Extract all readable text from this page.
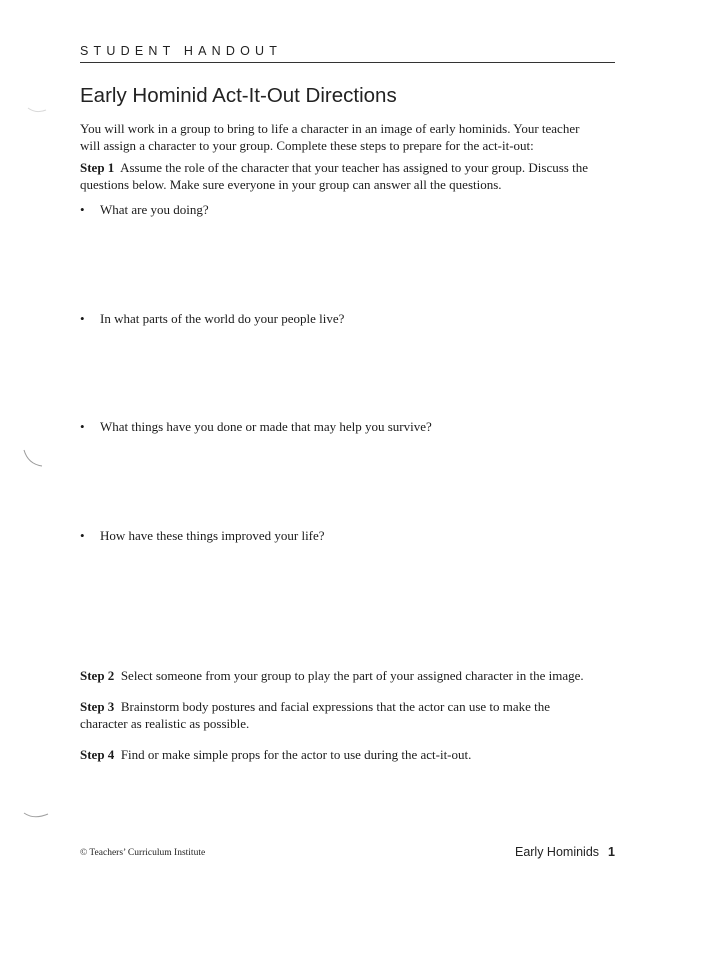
STUDENT HANDOUT
Early Hominid Act-It-Out Directions
You will work in a group to bring to life a character in an image of early hominids. Your teacher will assign a character to your group. Complete these steps to prepare for the act-it-out:
Step 1 Assume the role of the character that your teacher has assigned to your group. Discuss the questions below. Make sure everyone in your group can answer all the questions.
• What are you doing?
• In what parts of the world do your people live?
• What things have you done or made that may help you survive?
• How have these things improved your life?
Step 2 Select someone from your group to play the part of your assigned character in the image.
Step 3 Brainstorm body postures and facial expressions that the actor can use to make the character as realistic as possible.
Step 4 Find or make simple props for the actor to use during the act-it-out.
© Teachers’ Curriculum Institute	Early Hominids 1
